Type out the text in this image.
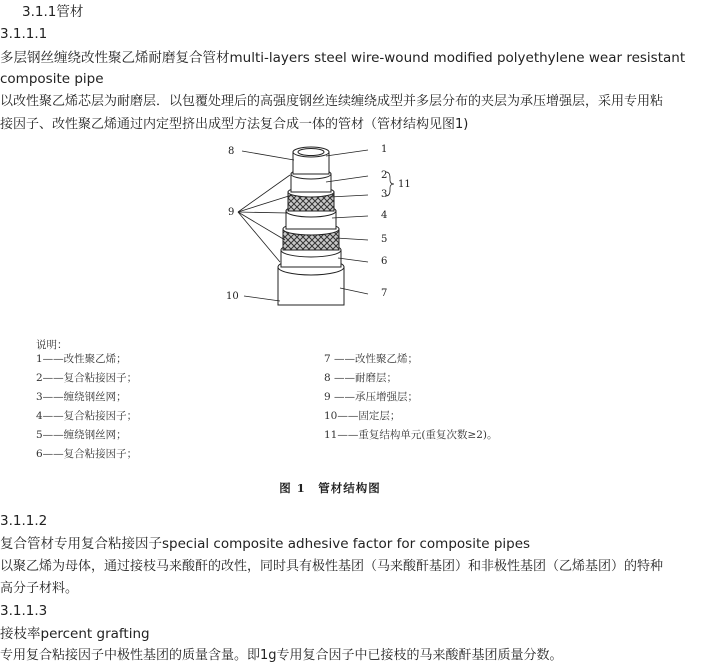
3.1.1管材
3.1.1.1
多层钢丝缠绕改性聚乙烯耐磨复合管材multi-layers steel wire-wound modified polyethylene wear resistant
composite pipe
以改性聚乙烯芯层为耐磨层．以包覆处理后的高强度钢丝连续缠绕成型并多层分布的夹层为承压增强层，采用专用粘
接因子、改性聚乙烯通过内定型挤出成型方法复合成一体的管材（管材结构见图1)
1
2
3
4
5
6
7
11
8
9
10
说明：
1——改性聚乙烯；
2——复合粘接因子；
3——缠绕钢丝网；
4——复合粘接因子；
5——缠绕钢丝网；
6——复合粘接因子；
7 ——改性聚乙烯；
8 ——耐磨层；
9 ——承压增强层；
10——固定层；
11——重复结构单元(重复次数≥2)。
图 1　管材结构图
3.1.1.2
复合管材专用复合粘接因子special composite adhesive factor for composite pipes
以聚乙烯为母体，通过接枝马来酸酐的改性，同时具有极性基团（马来酸酐基团）和非极性基团（乙烯基团）的特种
高分子材料。
3.1.1.3
接枝率percent grafting
专用复合粘接因子中极性基团的质量含量。即1g专用复合因子中已接枝的马来酸酐基团质量分数。
